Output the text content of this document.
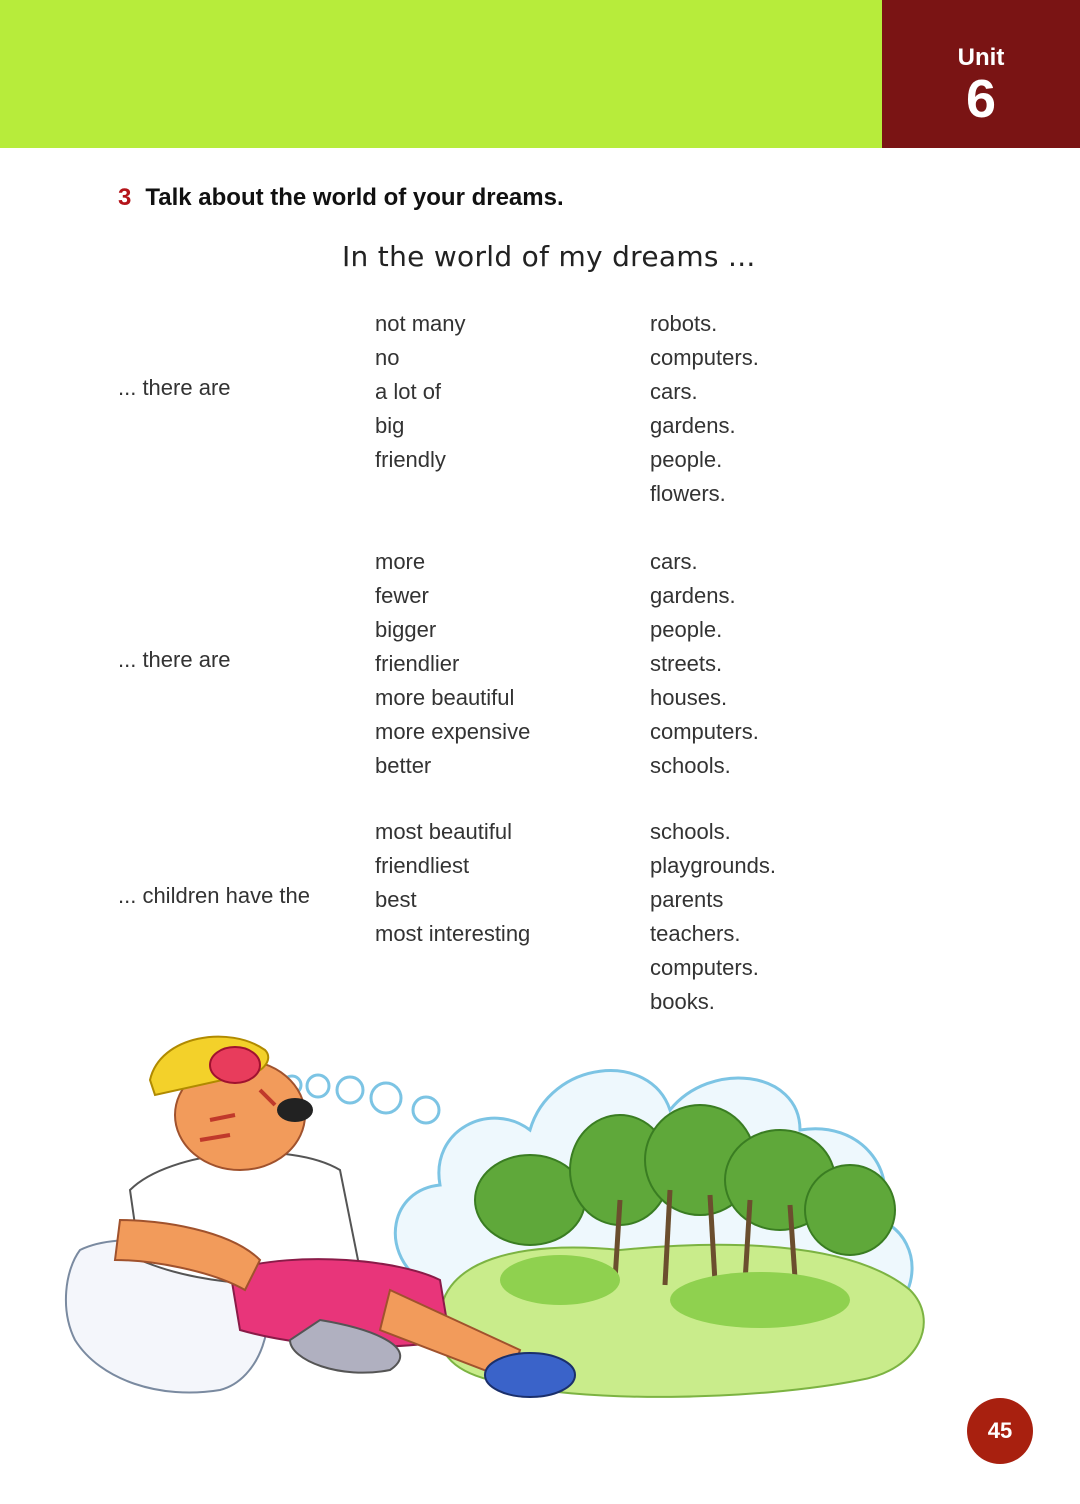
Unit
6
3 Talk about the world of your dreams.
In the world of my dreams ...
... there are
not many
no
a lot of
big
friendly
robots.
computers.
cars.
gardens.
people.
flowers.
... there are
more
fewer
bigger
friendlier
more beautiful
more expensive
better
cars.
gardens.
people.
streets.
houses.
computers.
schools.
... children have the
most beautiful
friendliest
best
most interesting
schools.
playgrounds.
parents
teachers.
computers.
books.
45
